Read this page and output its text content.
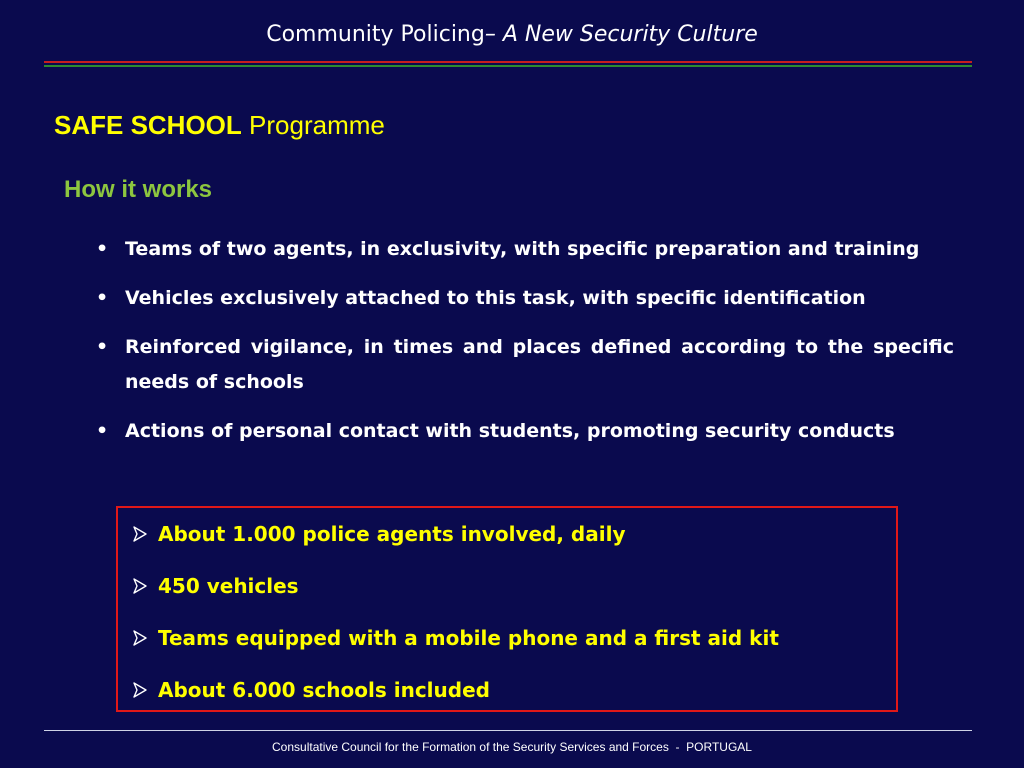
Community Policing– A New Security Culture
SAFE SCHOOL Programme
How it works
• Teams of two agents, in exclusivity, with specific preparation and training
• Vehicles exclusively attached to this task, with specific identification
• Reinforced vigilance, in times and places defined according to the specific needs of schools
• Actions of personal contact with students, promoting security conducts
About 1.000 police agents involved, daily
450 vehicles
Teams equipped with a mobile phone and a first aid kit
About 6.000 schools included
Consultative Council for the Formation of the Security Services and Forces  -  PORTUGAL
